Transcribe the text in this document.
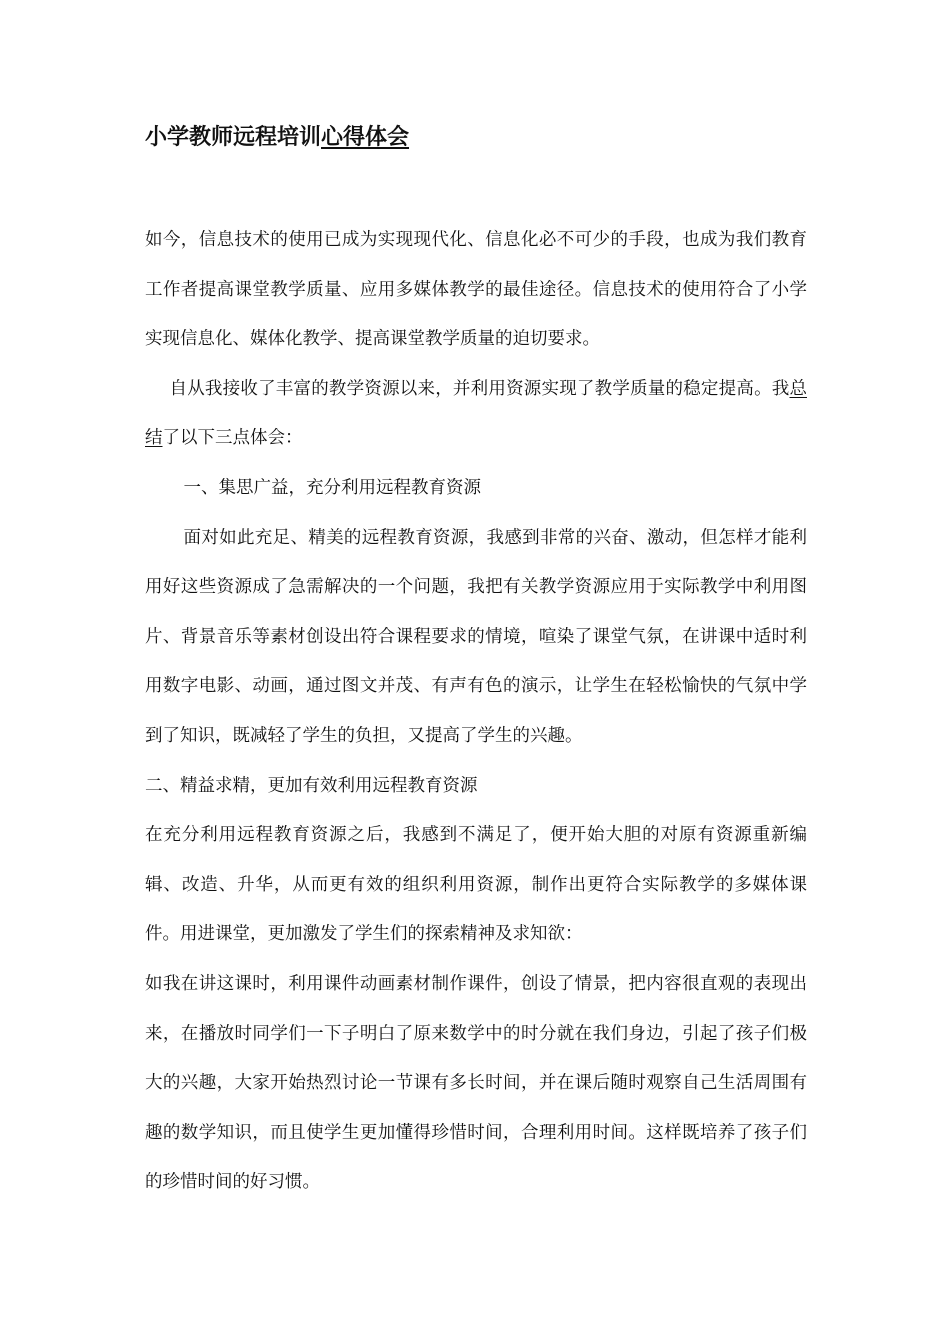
小学教师远程培训心得体会

如今，信息技术的使用已成为实现现代化、信息化必不可少的手段，也成为我们教育工作者提高课堂教学质量、应用多媒体教学的最佳途径。信息技术的使用符合了小学实现信息化、媒体化教学、提高课堂教学质量的迫切要求。

自从我接收了丰富的教学资源以来，并利用资源实现了教学质量的稳定提高。我总结了以下三点体会：

一、集思广益，充分利用远程教育资源

面对如此充足、精美的远程教育资源，我感到非常的兴奋、激动，但怎样才能利用好这些资源成了急需解决的一个问题，我把有关教学资源应用于实际教学中利用图片、背景音乐等素材创设出符合课程要求的情境，喧染了课堂气氛，在讲课中适时利用数字电影、动画，通过图文并茂、有声有色的演示，让学生在轻松愉快的气氛中学到了知识，既减轻了学生的负担，又提高了学生的兴趣。

二、精益求精，更加有效利用远程教育资源

在充分利用远程教育资源之后，我感到不满足了，便开始大胆的对原有资源重新编辑、改造、升华，从而更有效的组织利用资源，制作出更符合实际教学的多媒体课件。用进课堂，更加激发了学生们的探索精神及求知欲：

如我在讲这课时，利用课件动画素材制作课件，创设了情景，把内容很直观的表现出来，在播放时同学们一下子明白了原来数学中的时分就在我们身边，引起了孩子们极大的兴趣，大家开始热烈讨论一节课有多长时间，并在课后随时观察自己生活周围有趣的数学知识，而且使学生更加懂得珍惜时间，合理利用时间。这样既培养了孩子们的珍惜时间的好习惯。
